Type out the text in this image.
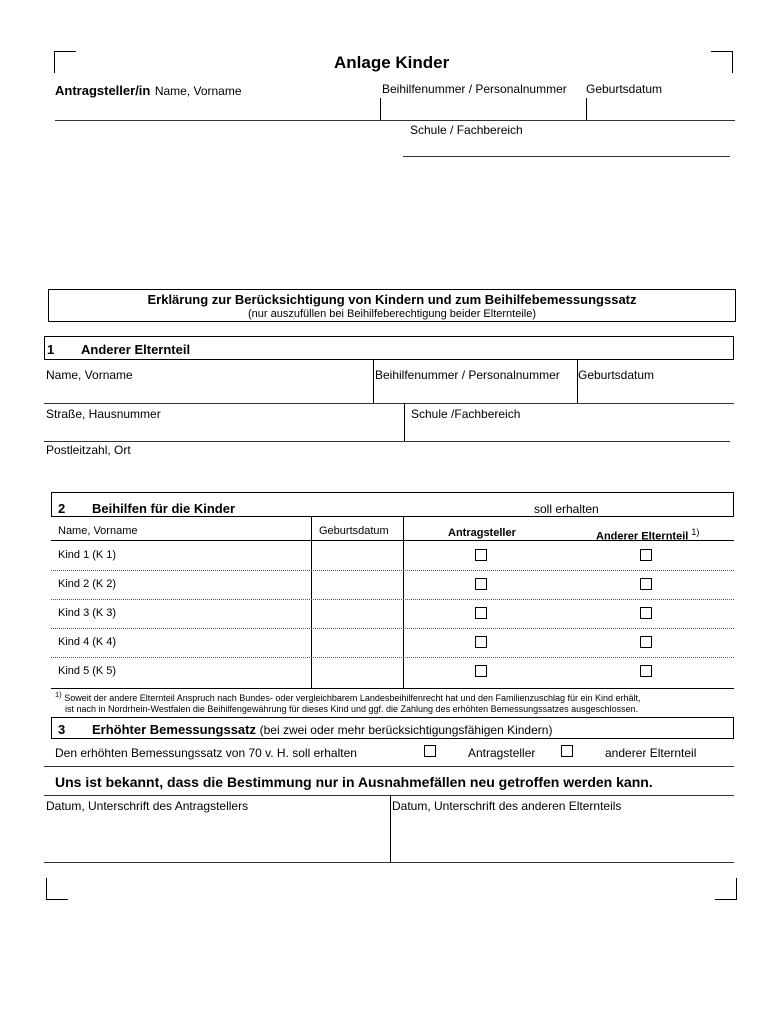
Anlage Kinder
Antragsteller/in Name, Vorname	Beihilfenummer / Personalnummer Geburtsdatum
Schule / Fachbereich
Erklärung zur Berücksichtigung von Kindern und zum Beihilfebemessungssatz
(nur auszufüllen bei Beihilfeberechtigung beider Elternteile)
1 Anderer Elternteil
Name, Vorname	Beihilfenummer / Personalnummer Geburtsdatum
Straße, Hausnummer	Schule /Fachbereich
Postleitzahl, Ort
2 Beihilfen für die Kinder	soll erhalten
Name, Vorname	Geburtsdatum	Antragsteller	Anderer Elternteil $^{1)}$
Kind 1 (K 1)
Kind 2 (K 2)
Kind 3 (K 3)
Kind 4 (K 4)
Kind 5 (K 5)
$^{1)}$ Soweit der andere Elternteil Anspruch nach Bundes- oder vergleichbarem Landesbeihilfenrecht hat und den Familienzuschlag für ein Kind erhält,
ist nach in Nordrhein-Westfalen die Beihilfengewährung für dieses Kind und ggf. die Zahlung des erhöhten Bemessungssatzes ausgeschlossen.
3 Erhöhter Bemessungssatz (bei zwei oder mehr berücksichtigungsfähigen Kindern)
Den erhöhten Bemessungssatz von 70 v. H. soll erhalten	Antragsteller	anderer Elternteil
Uns ist bekannt, dass die Bestimmung nur in Ausnahmefällen neu getroffen werden kann.
Datum, Unterschrift des Antragstellers	Datum, Unterschrift des anderen Elternteils
